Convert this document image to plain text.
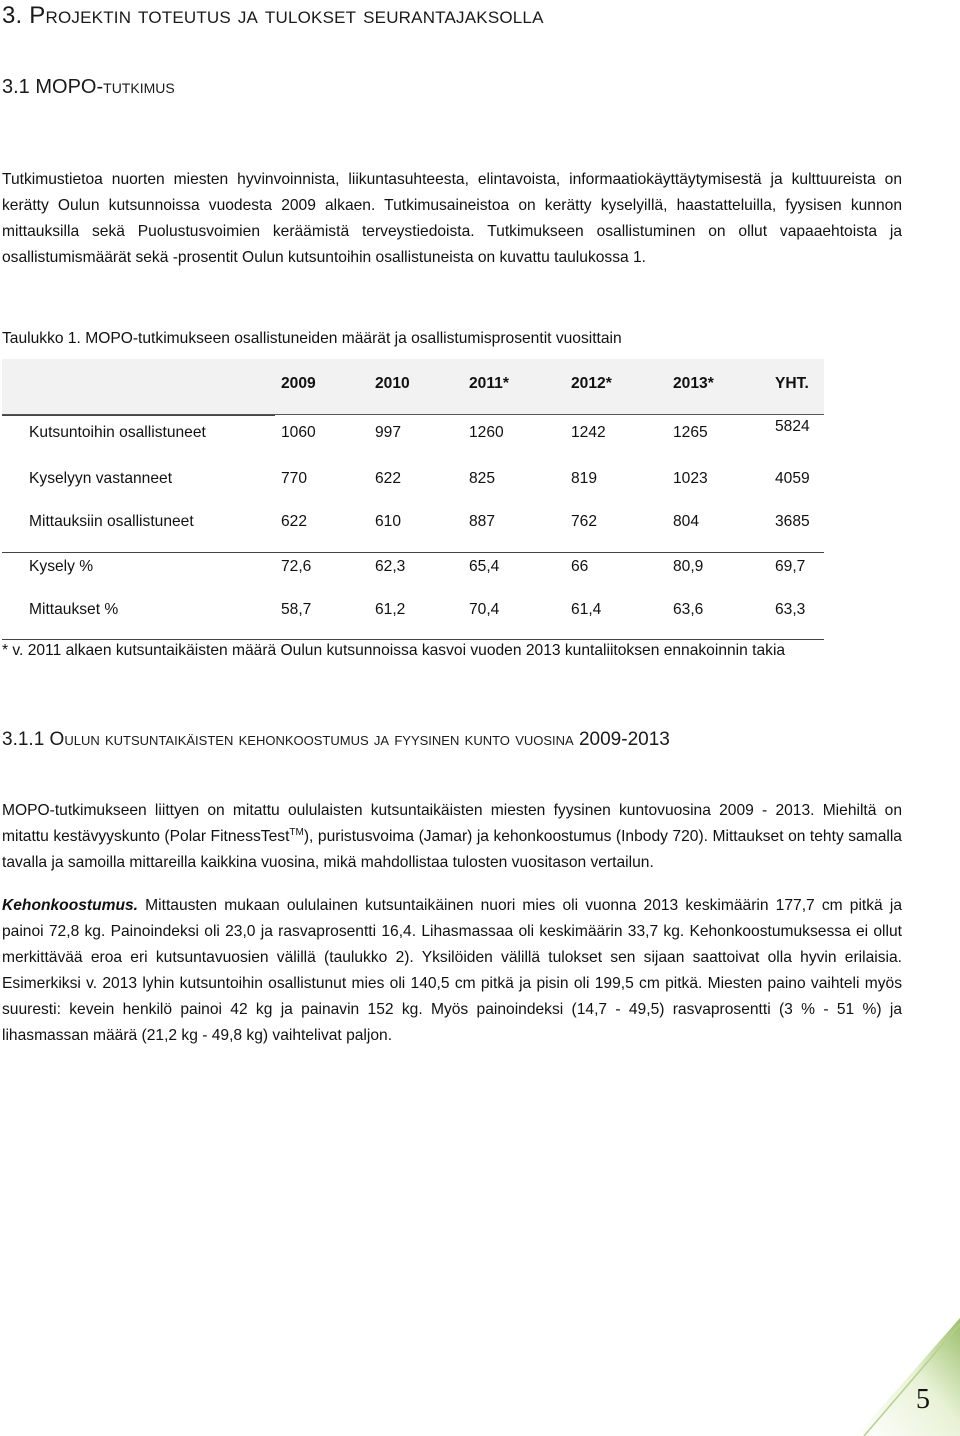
3. Projektin toteutus ja tulokset seurantajaksolla
3.1 MOPO-tutkimus
Tutkimustietoa nuorten miesten hyvinvoinnista, liikuntasuhteesta, elintavoista, informaatiokäyttäytymisestä ja kulttuureista on kerätty Oulun kutsunnoissa vuodesta 2009 alkaen. Tutkimusaineistoa on kerätty kyselyillä, haastatteluilla, fyysisen kunnon mittauksilla sekä Puolustusvoimien keräämistä terveystiedoista. Tutkimukseen osallistuminen on ollut vapaaehtoista ja osallistumismäärät sekä -prosentit Oulun kutsuntoihin osallistuneista on kuvattu taulukossa 1.
Taulukko 1. MOPO-tutkimukseen osallistuneiden määrät ja osallistumisprosentit vuosittain
2009	2010	2011*	2012*	2013*	YHT.
Kutsuntoihin osallistuneet	1060	997	1260	1242	1265	5824
Kyselyyn vastanneet	770	622	825	819	1023	4059
Mittauksiin osallistuneet	622	610	887	762	804	3685
Kysely %	72,6	62,3	65,4	66	80,9	69,7
Mittaukset %	58,7	61,2	70,4	61,4	63,6	63,3
* v. 2011 alkaen kutsuntaikäisten määrä Oulun kutsunnoissa kasvoi vuoden 2013 kuntaliitoksen ennakoinnin takia
3.1.1 Oulun kutsuntaikäisten kehonkoostumus ja fyysinen kunto vuosina 2009-2013
MOPO-tutkimukseen liittyen on mitattu oululaisten kutsuntaikäisten miesten fyysinen kuntovuosina 2009 - 2013. Miehiltä on mitattu kestävyyskunto (Polar FitnessTest™), puristusvoima (Jamar) ja kehonkoostumus (Inbody 720). Mittaukset on tehty samalla tavalla ja samoilla mittareilla kaikkina vuosina, mikä mahdollistaa tulosten vuositason vertailun.
Kehonkoostumus. Mittausten mukaan oululainen kutsuntaikäinen nuori mies oli vuonna 2013 keskimäärin 177,7 cm pitkä ja painoi 72,8 kg. Painoindeksi oli 23,0 ja rasvaprosentti 16,4. Lihasmassaa oli keskimäärin 33,7 kg. Kehonkoostumuksessa ei ollut merkittävää eroa eri kutsuntavuosien välillä (taulukko 2). Yksilöiden välillä tulokset sen sijaan saattoivat olla hyvin erilaisia. Esimerkiksi v. 2013 lyhin kutsuntoihin osallistunut mies oli 140,5 cm pitkä ja pisin oli 199,5 cm pitkä. Miesten paino vaihteli myös suuresti: kevein henkilö painoi 42 kg ja painavin 152 kg. Myös painoindeksi (14,7 - 49,5) rasvaprosentti (3 % - 51 %) ja lihasmassan määrä (21,2 kg - 49,8 kg) vaihtelivat paljon.
5
